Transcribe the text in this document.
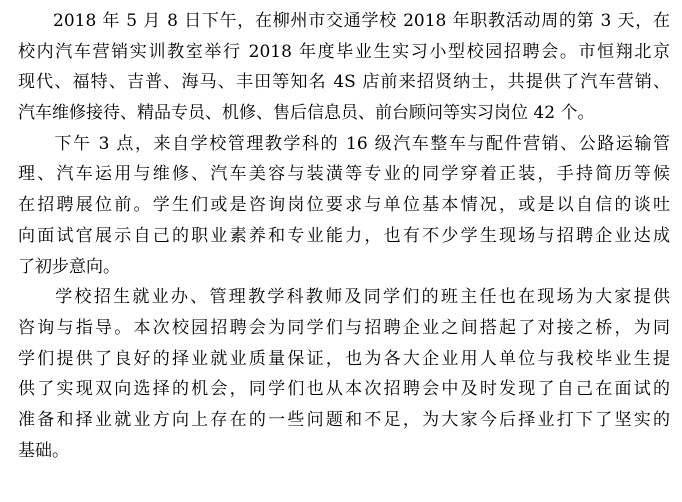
2018 年 5 月 8 日下午，在柳州市交通学校 2018 年职教活动周的第 3 天，在
校内汽车营销实训教室举行 2018 年度毕业生实习小型校园招聘会。市恒翔北京
现代、福特、吉普、海马、丰田等知名 4S 店前来招贤纳士，共提供了汽车营销、
汽车维修接待、精品专员、机修、售后信息员、前台顾问等实习岗位 42 个。
下午 3 点，来自学校管理教学科的 16 级汽车整车与配件营销、公路运输管
理、汽车运用与维修、汽车美容与装潢等专业的同学穿着正装，手持简历等候
在招聘展位前。学生们或是咨询岗位要求与单位基本情况，或是以自信的谈吐
向面试官展示自己的职业素养和专业能力，也有不少学生现场与招聘企业达成
了初步意向。
学校招生就业办、管理教学科教师及同学们的班主任也在现场为大家提供
咨询与指导。本次校园招聘会为同学们与招聘企业之间搭起了对接之桥，为同
学们提供了良好的择业就业质量保证，也为各大企业用人单位与我校毕业生提
供了实现双向选择的机会，同学们也从本次招聘会中及时发现了自己在面试的
准备和择业就业方向上存在的一些问题和不足，为大家今后择业打下了坚实的
基础。
